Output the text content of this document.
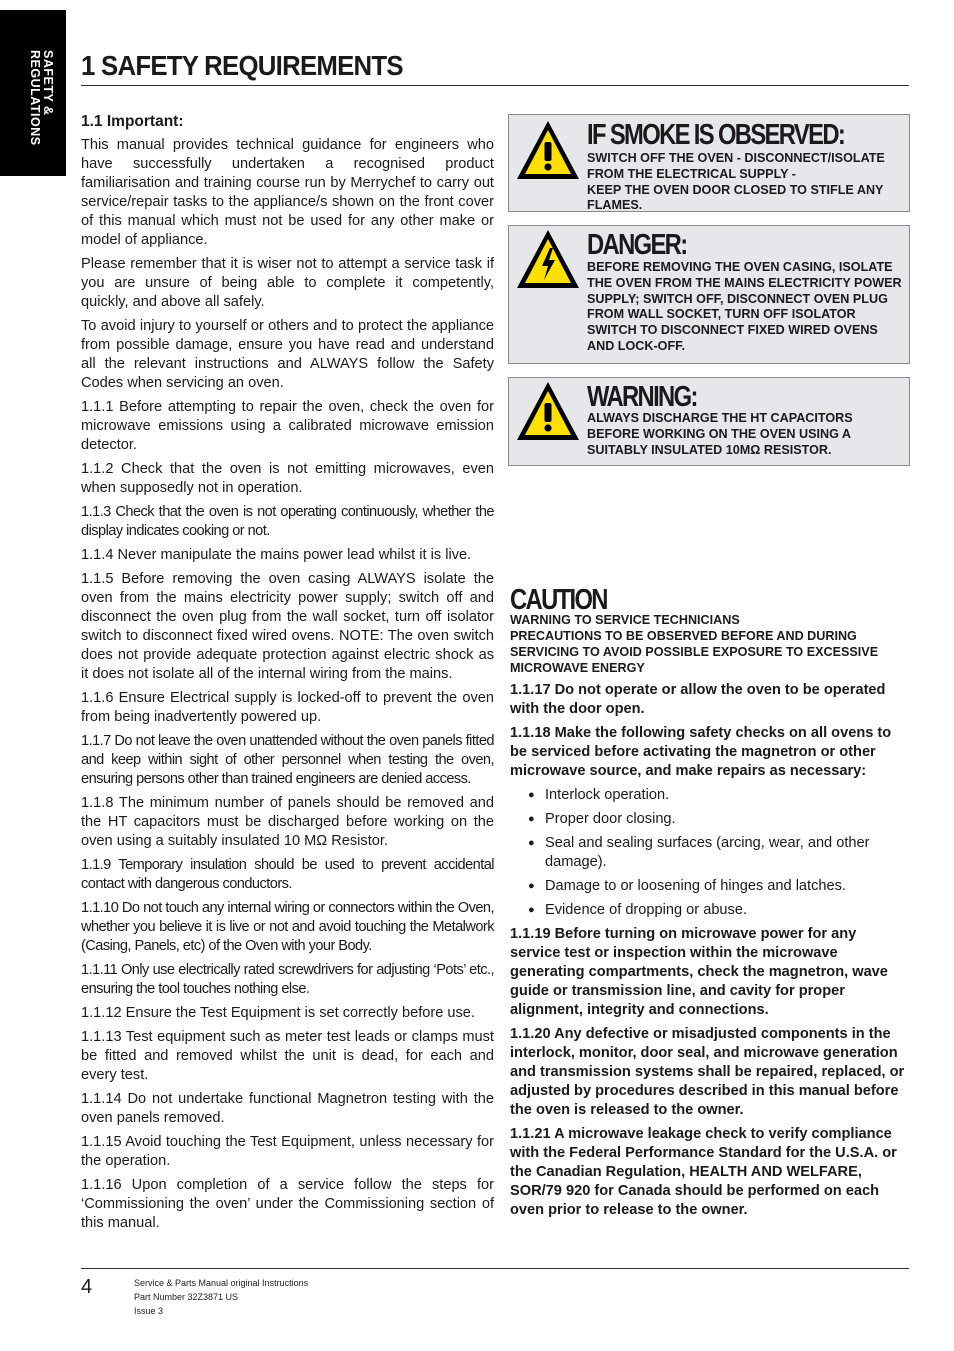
SAFETY &
REGULATIONS 1 SAFETY REQUIREMENTS
1.1 Important:

This manual provides technical guidance for engineers who have successfully undertaken a recognised product familiarisation and training course run by Merrychef to carry out service/repair tasks to the appliance/s shown on the front cover of this manual which must not be used for any other make or model of appliance.

Please remember that it is wiser not to attempt a service task if you are unsure of being able to complete it competently, quickly, and above all safely.

To avoid injury to yourself or others and to protect the appliance from possible damage, ensure you have read and understand all the relevant instructions and ALWAYS follow the Safety Codes when servicing an oven.

1.1.1 Before attempting to repair the oven, check the oven for microwave emissions using a calibrated microwave emission detector.

1.1.2 Check that the oven is not emitting microwaves, even when supposedly not in operation.

1.1.3 Check that the oven is not operating continuously, whether the display indicates cooking or not.

1.1.4 Never manipulate the mains power lead whilst it is live.

1.1.5 Before removing the oven casing ALWAYS isolate the oven from the mains electricity power supply; switch off and disconnect the oven plug from the wall socket, turn off isolator switch to disconnect fixed wired ovens. NOTE: The oven switch does not provide adequate protection against electric shock as it does not isolate all of the internal wiring from the mains.

1.1.6 Ensure Electrical supply is locked-off to prevent the oven from being inadvertently powered up.

1.1.7 Do not leave the oven unattended without the oven panels fitted and keep within sight of other personnel when testing the oven, ensuring persons other than trained engineers are denied access.

1.1.8 The minimum number of panels should be removed and the HT capacitors must be discharged before working on the oven using a suitably insulated 10 MΩ Resistor.

1.1.9 Temporary insulation should be used to prevent accidental contact with dangerous conductors.

1.1.10 Do not touch any internal wiring or connectors within the Oven, whether you believe it is live or not and avoid touching the Metalwork (Casing, Panels, etc) of the Oven with your Body.

1.1.11 Only use electrically rated screwdrivers for adjusting ‘Pots’ etc., ensuring the tool touches nothing else.

1.1.12 Ensure the Test Equipment is set correctly before use.

1.1.13 Test equipment such as meter test leads or clamps must be fitted and removed whilst the unit is dead, for each and every test.

1.1.14 Do not undertake functional Magnetron testing with the oven panels removed.

1.1.15 Avoid touching the Test Equipment, unless necessary for the operation.

1.1.16 Upon completion of a service follow the steps for ‘Commissioning the oven’ under the Commissioning section of this manual.

IF SMOKE IS OBSERVED:
SWITCH OFF THE OVEN - DISCONNECT/ISOLATE FROM THE ELECTRICAL SUPPLY -
KEEP THE OVEN DOOR CLOSED TO STIFLE ANY FLAMES.
DANGER:
BEFORE REMOVING THE OVEN CASING, ISOLATE THE OVEN FROM THE MAINS ELECTRICITY POWER SUPPLY; SWITCH OFF, DISCONNECT OVEN PLUG FROM WALL SOCKET, TURN OFF ISOLATOR SWITCH TO DISCONNECT FIXED WIRED OVENS AND LOCK-OFF.
WARNING:
ALWAYS DISCHARGE THE HT CAPACITORS BEFORE WORKING ON THE OVEN USING A SUITABLY INSULATED 10MΩ RESISTOR.
CAUTION
WARNING TO SERVICE TECHNICIANS
PRECAUTIONS TO BE OBSERVED BEFORE AND DURING SERVICING TO AVOID POSSIBLE EXPOSURE TO EXCESSIVE MICROWAVE ENERGY

1.1.17 Do not operate or allow the oven to be operated with the door open.

1.1.18 Make the following safety checks on all ovens to be serviced before activating the magnetron or other microwave source, and make repairs as necessary:

● Interlock operation.
● Proper door closing.
● Seal and sealing surfaces (arcing, wear, and other damage).
● Damage to or loosening of hinges and latches.
● Evidence of dropping or abuse.

1.1.19 Before turning on microwave power for any service test or inspection within the microwave generating compartments, check the magnetron, wave guide or transmission line, and cavity for proper alignment, integrity and connections.

1.1.20 Any defective or misadjusted components in the interlock, monitor, door seal, and microwave generation and transmission systems shall be repaired, replaced, or adjusted by procedures described in this manual before the oven is released to the owner.

1.1.21 A microwave leakage check to verify compliance with the Federal Performance Standard for the U.S.A. or the Canadian Regulation, HEALTH AND WELFARE, SOR/79 920 for Canada should be performed on each oven prior to release to the owner.

4	Service & Parts Manual original Instructions
Part Number 32Z3871 US
Issue 3
